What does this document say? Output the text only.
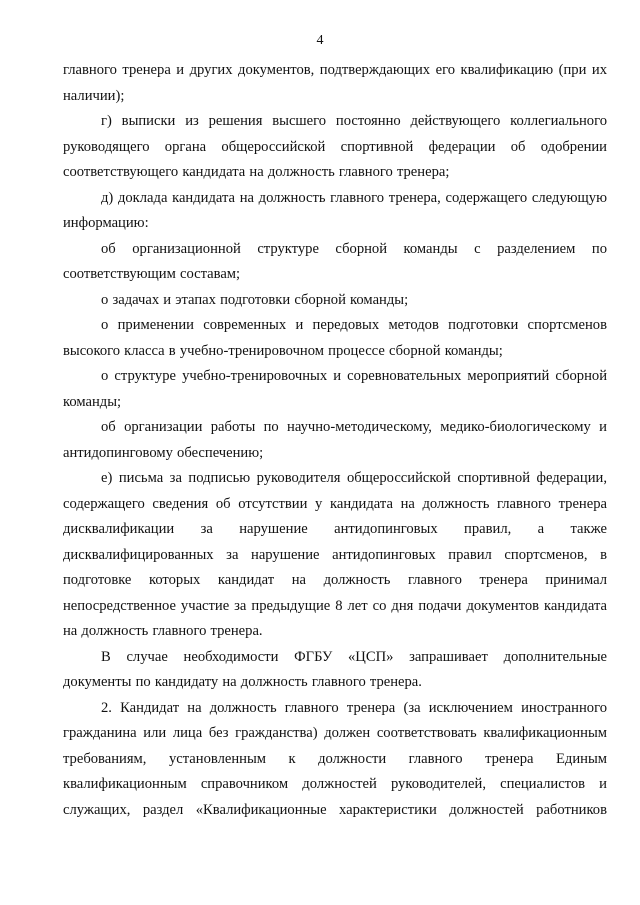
4

главного тренера и других документов, подтверждающих его квалификацию (при их наличии);

г) выписки из решения высшего постоянно действующего коллегиального руководящего органа общероссийской спортивной федерации об одобрении соответствующего кандидата на должность главного тренера;

д) доклада кандидата на должность главного тренера, содержащего следующую информацию:

об организационной структуре сборной команды с разделением по соответствующим составам;

о задачах и этапах подготовки сборной команды;

о применении современных и передовых методов подготовки спортсменов высокого класса в учебно-тренировочном процессе сборной команды;

о структуре учебно-тренировочных и соревновательных мероприятий сборной команды;

об организации работы по научно-методическому, медико-биологическому и антидопинговому обеспечению;

е) письма за подписью руководителя общероссийской спортивной федерации, содержащего сведения об отсутствии у кандидата на должность главного тренера дисквалификации за нарушение антидопинговых правил, а также дисквалифицированных за нарушение антидопинговых правил спортсменов, в подготовке которых кандидат на должность главного тренера принимал непосредственное участие за предыдущие 8 лет со дня подачи документов кандидата на должность главного тренера.

В случае необходимости ФГБУ «ЦСП» запрашивает дополнительные документы по кандидату на должность главного тренера.

2. Кандидат на должность главного тренера (за исключением иностранного гражданина или лица без гражданства) должен соответствовать квалификационным требованиям, установленным к должности главного тренера Единым квалификационным справочником должностей руководителей, специалистов и служащих, раздел «Квалификационные характеристики должностей работников
